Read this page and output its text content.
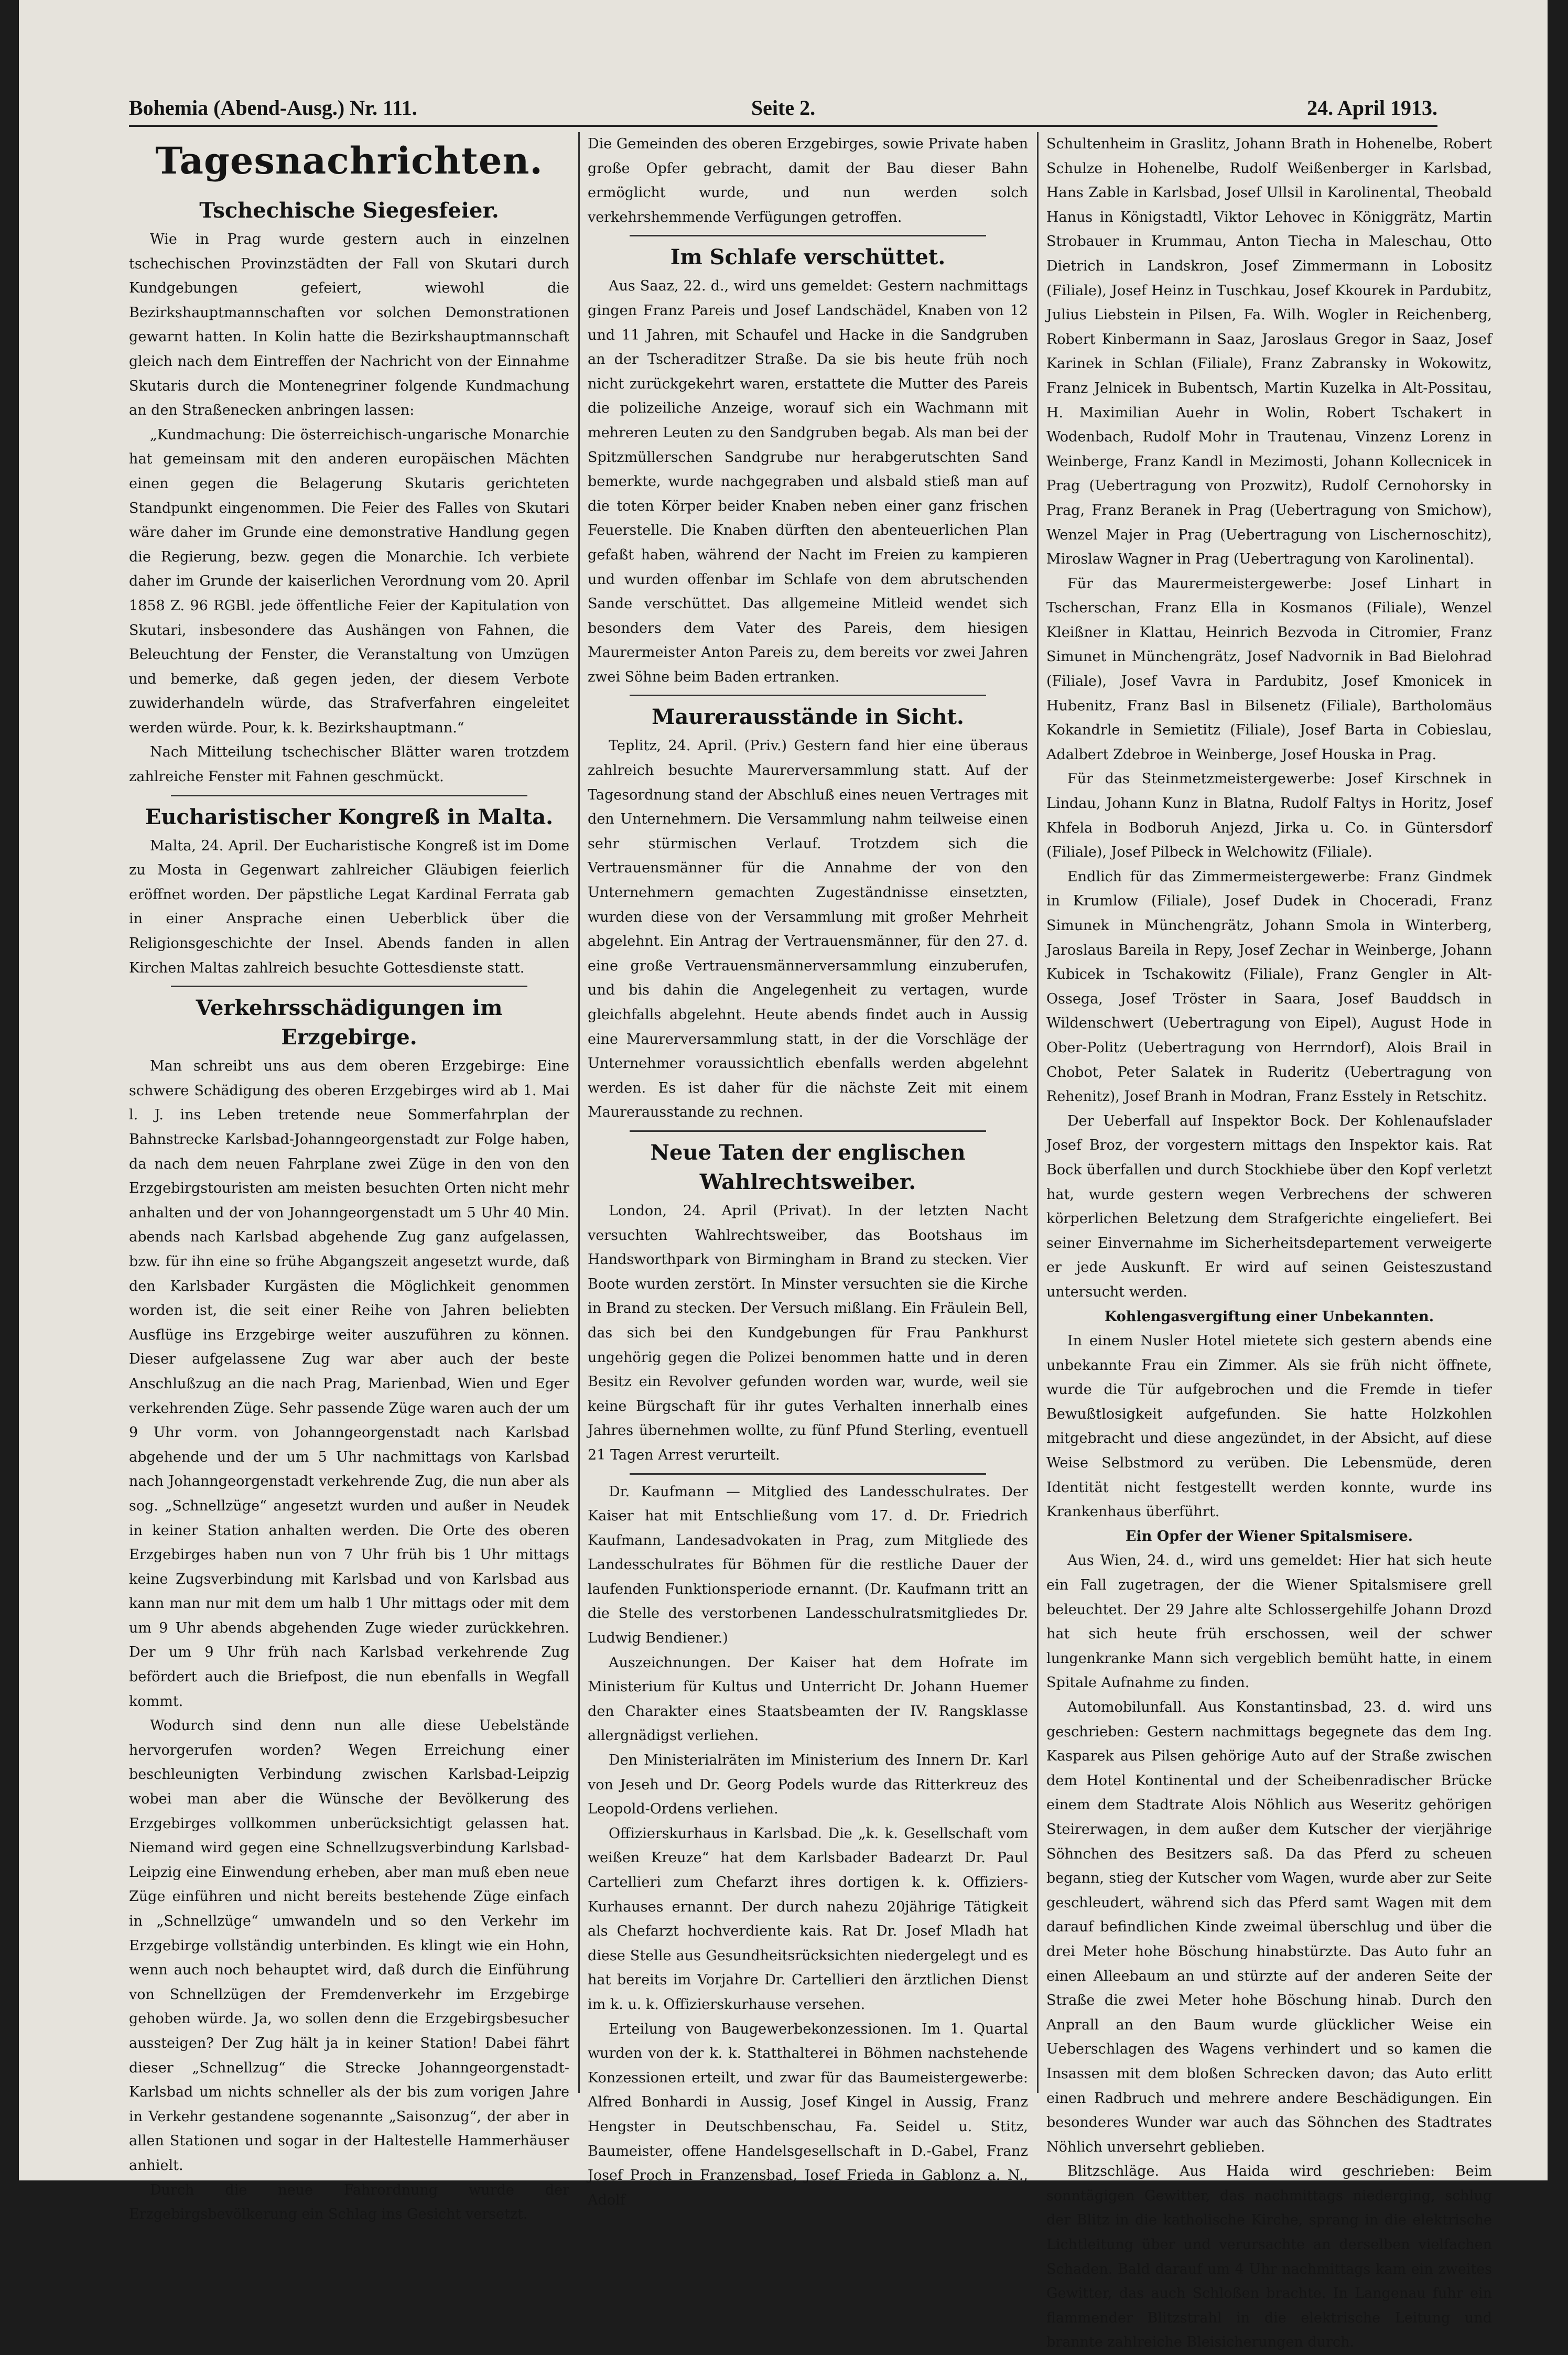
Bohemia (Abend-Ausg.) Nr. 111.	Seite 2.	24. April 1913.
Tagesnachrichten.
Tschechische Siegesfeier.

Wie in Prag wurde gestern auch in einzelnen tschechischen Provinzstädten der Fall von Skutari durch Kundgebungen gefeiert, wiewohl die Bezirkshauptmannschaften vor solchen Demonstrationen gewarnt hatten. In Kolin hatte die Bezirkshauptmannschaft gleich nach dem Eintreffen der Nachricht von der Einnahme Skutaris durch die Montenegriner folgende Kundmachung an den Straßenecken anbringen lassen:

„Kundmachung: Die österreichisch-ungarische Monarchie hat gemeinsam mit den anderen europäischen Mächten einen gegen die Belagerung Skutaris gerichteten Standpunkt eingenommen. Die Feier des Falles von Skutari wäre daher im Grunde eine demonstrative Handlung gegen die Regierung, bezw. gegen die Monarchie. Ich verbiete daher im Grunde der kaiserlichen Verordnung vom 20. April 1858 Z. 96 RGBl. jede öffentliche Feier der Kapitulation von Skutari, insbesondere das Aushängen von Fahnen, die Beleuchtung der Fenster, die Veranstaltung von Umzügen und bemerke, daß gegen jeden, der diesem Verbote zuwiderhandeln würde, das Strafverfahren eingeleitet werden würde. Pour, k. k. Bezirkshauptmann.“

Nach Mitteilung tschechischer Blätter waren trotzdem zahlreiche Fenster mit Fahnen geschmückt.

Eucharistischer Kongreß in Malta.

Malta, 24. April. Der Eucharistische Kongreß ist im Dome zu Mosta in Gegenwart zahlreicher Gläubigen feierlich eröffnet worden. Der päpstliche Legat Kardinal Ferrata gab in einer Ansprache einen Ueberblick über die Religionsgeschichte der Insel. Abends fanden in allen Kirchen Maltas zahlreich besuchte Gottesdienste statt.

Verkehrsschädigungen im Erzgebirge.

Man schreibt uns aus dem oberen Erzgebirge: Eine schwere Schädigung des oberen Erzgebirges wird ab 1. Mai l. J. ins Leben tretende neue Sommerfahrplan der Bahnstrecke Karlsbad-Johanngeorgenstadt zur Folge haben, da nach dem neuen Fahrplane zwei Züge in den von den Erzgebirgstouristen am meisten besuchten Orten nicht mehr anhalten und der von Johanngeorgenstadt um 5 Uhr 40 Min. abends nach Karlsbad abgehende Zug ganz aufgelassen, bzw. für ihn eine so frühe Abgangszeit angesetzt wurde, daß den Karlsbader Kurgästen die Möglichkeit genommen worden ist, die seit einer Reihe von Jahren beliebten Ausflüge ins Erzgebirge weiter auszuführen zu können. Dieser aufgelassene Zug war aber auch der beste Anschlußzug an die nach Prag, Marienbad, Wien und Eger verkehrenden Züge. Sehr passende Züge waren auch der um 9 Uhr vorm. von Johanngeorgenstadt nach Karlsbad abgehende und der um 5 Uhr nachmittags von Karlsbad nach Johanngeorgenstadt verkehrende Zug, die nun aber als sog. „Schnellzüge“ angesetzt wurden und außer in Neudek in keiner Station anhalten werden. Die Orte des oberen Erzgebirges haben nun von 7 Uhr früh bis 1 Uhr mittags keine Zugsverbindung mit Karlsbad und von Karlsbad aus kann man nur mit dem um halb 1 Uhr mittags oder mit dem um 9 Uhr abends abgehenden Zuge wieder zurückkehren. Der um 9 Uhr früh nach Karlsbad verkehrende Zug befördert auch die Briefpost, die nun ebenfalls in Wegfall kommt.

Wodurch sind denn nun alle diese Uebelstände hervorgerufen worden? Wegen Erreichung einer beschleunigten Verbindung zwischen Karlsbad-Leipzig wobei man aber die Wünsche der Bevölkerung des Erzgebirges vollkommen unberücksichtigt gelassen hat. Niemand wird gegen eine Schnellzugsverbindung Karlsbad-Leipzig eine Einwendung erheben, aber man muß eben neue Züge einführen und nicht bereits bestehende Züge einfach in „Schnellzüge“ umwandeln und so den Verkehr im Erzgebirge vollständig unterbinden. Es klingt wie ein Hohn, wenn auch noch behauptet wird, daß durch die Einführung von Schnellzügen der Fremdenverkehr im Erzgebirge gehoben würde. Ja, wo sollen denn die Erzgebirgsbesucher aussteigen? Der Zug hält ja in keiner Station! Dabei fährt dieser „Schnellzug“ die Strecke Johanngeorgenstadt-Karlsbad um nichts schneller als der bis zum vorigen Jahre in Verkehr gestandene sogenannte „Saisonzug“, der aber in allen Stationen und sogar in der Haltestelle Hammerhäuser anhielt.

Durch die neue Fahrordnung wurde der Erzgebirgsbevölkerung ein Schlag ins Gesicht versetzt.

Die Gemeinden des oberen Erzgebirges, sowie Private haben große Opfer gebracht, damit der Bau dieser Bahn ermöglicht wurde, und nun werden solch verkehrshemmende Verfügungen getroffen.

Im Schlafe verschüttet.

Aus Saaz, 22. d., wird uns gemeldet: Gestern nachmittags gingen Franz Pareis und Josef Landschädel, Knaben von 12 und 11 Jahren, mit Schaufel und Hacke in die Sandgruben an der Tscheraditzer Straße. Da sie bis heute früh noch nicht zurückgekehrt waren, erstattete die Mutter des Pareis die polizeiliche Anzeige, worauf sich ein Wachmann mit mehreren Leuten zu den Sandgruben begab. Als man bei der Spitzmüllerschen Sandgrube nur herabgerutschten Sand bemerkte, wurde nachgegraben und alsbald stieß man auf die toten Körper beider Knaben neben einer ganz frischen Feuerstelle. Die Knaben dürften den abenteuerlichen Plan gefaßt haben, während der Nacht im Freien zu kampieren und wurden offenbar im Schlafe von dem abrutschenden Sande verschüttet. Das allgemeine Mitleid wendet sich besonders dem Vater des Pareis, dem hiesigen Maurermeister Anton Pareis zu, dem bereits vor zwei Jahren zwei Söhne beim Baden ertranken.

Maurerausstände in Sicht.

Teplitz, 24. April. (Priv.) Gestern fand hier eine überaus zahlreich besuchte Maurerversammlung statt. Auf der Tagesordnung stand der Abschluß eines neuen Vertrages mit den Unternehmern. Die Versammlung nahm teilweise einen sehr stürmischen Verlauf. Trotzdem sich die Vertrauensmänner für die Annahme der von den Unternehmern gemachten Zugeständnisse einsetzten, wurden diese von der Versammlung mit großer Mehrheit abgelehnt. Ein Antrag der Vertrauensmänner, für den 27. d. eine große Vertrauensmännerversammlung einzuberufen, und bis dahin die Angelegenheit zu vertagen, wurde gleichfalls abgelehnt. Heute abends findet auch in Aussig eine Maurerversammlung statt, in der die Vorschläge der Unternehmer voraussichtlich ebenfalls werden abgelehnt werden. Es ist daher für die nächste Zeit mit einem Maurerausstande zu rechnen.

Neue Taten der englischen Wahlrechtsweiber.

London, 24. April (Privat). In der letzten Nacht versuchten Wahlrechtsweiber, das Bootshaus im Handsworthpark von Birmingham in Brand zu stecken. Vier Boote wurden zerstört. In Minster versuchten sie die Kirche in Brand zu stecken. Der Versuch mißlang. Ein Fräulein Bell, das sich bei den Kundgebungen für Frau Pankhurst ungehörig gegen die Polizei benommen hatte und in deren Besitz ein Revolver gefunden worden war, wurde, weil sie keine Bürgschaft für ihr gutes Verhalten innerhalb eines Jahres übernehmen wollte, zu fünf Pfund Sterling, eventuell 21 Tagen Arrest verurteilt.

Dr. Kaufmann — Mitglied des Landesschulrates. Der Kaiser hat mit Entschließung vom 17. d. Dr. Friedrich Kaufmann, Landesadvokaten in Prag, zum Mitgliede des Landesschulrates für Böhmen für die restliche Dauer der laufenden Funktionsperiode ernannt. (Dr. Kaufmann tritt an die Stelle des verstorbenen Landesschulratsmitgliedes Dr. Ludwig Bendiener.)

Auszeichnungen. Der Kaiser hat dem Hofrate im Ministerium für Kultus und Unterricht Dr. Johann Huemer den Charakter eines Staatsbeamten der IV. Rangsklasse allergnädigst verliehen.

Den Ministerialräten im Ministerium des Innern Dr. Karl von Jeseh und Dr. Georg Podels wurde das Ritterkreuz des Leopold-Ordens verliehen.

Offizierskurhaus in Karlsbad. Die „k. k. Gesellschaft vom weißen Kreuze“ hat dem Karlsbader Badearzt Dr. Paul Cartellieri zum Chefarzt ihres dortigen k. k. Offiziers-Kurhauses ernannt. Der durch nahezu 20jährige Tätigkeit als Chefarzt hochverdiente kais. Rat Dr. Josef Mladh hat diese Stelle aus Gesundheitsrücksichten niedergelegt und es hat bereits im Vorjahre Dr. Cartellieri den ärztlichen Dienst im k. u. k. Offizierskurhause versehen.

Erteilung von Baugewerbekonzessionen. Im 1. Quartal wurden von der k. k. Statthalterei in Böhmen nachstehende Konzessionen erteilt, und zwar für das Baumeistergewerbe: Alfred Bonhardi in Aussig, Josef Kingel in Aussig, Franz Hengster in Deutschbenschau, Fa. Seidel u. Stitz, Baumeister, offene Handelsgesellschaft in D.-Gabel, Franz Josef Proch in Franzensbad, Josef Frieda in Gablonz a. N., Adolf

Schultenheim in Graslitz, Johann Brath in Hohenelbe, Robert Schulze in Hohenelbe, Rudolf Weißenberger in Karlsbad, Hans Zable in Karlsbad, Josef Ullsil in Karolinental, Theobald Hanus in Königstadtl, Viktor Lehovec in Königgrätz, Martin Strobauer in Krummau, Anton Tiecha in Maleschau, Otto Dietrich in Landskron, Josef Zimmermann in Lobositz (Filiale), Josef Heinz in Tuschkau, Josef Kkourek in Pardubitz, Julius Liebstein in Pilsen, Fa. Wilh. Wogler in Reichenberg, Robert Kinbermann in Saaz, Jaroslaus Gregor in Saaz, Josef Karinek in Schlan (Filiale), Franz Zabransky in Wokowitz, Franz Jelnicek in Bubentsch, Martin Kuzelka in Alt-Possitau, H. Maximilian Auehr in Wolin, Robert Tschakert in Wodenbach, Rudolf Mohr in Trautenau, Vinzenz Lorenz in Weinberge, Franz Kandl in Mezimosti, Johann Kollecnicek in Prag (Uebertragung von Prozwitz), Rudolf Cernohorsky in Prag, Franz Beranek in Prag (Uebertragung von Smichow), Wenzel Majer in Prag (Uebertragung von Lischernoschitz), Miroslaw Wagner in Prag (Uebertragung von Karolinental).

Für das Maurermeistergewerbe: Josef Linhart in Tscherschan, Franz Ella in Kosmanos (Filiale), Wenzel Kleißner in Klattau, Heinrich Bezvoda in Citromier, Franz Simunet in Münchengrätz, Josef Nadvornik in Bad Bielohrad (Filiale), Josef Vavra in Pardubitz, Josef Kmonicek in Hubenitz, Franz Basl in Bilsenetz (Filiale), Bartholomäus Kokandrle in Semietitz (Filiale), Josef Barta in Cobieslau, Adalbert Zdebroe in Weinberge, Josef Houska in Prag.

Für das Steinmetzmeistergewerbe: Josef Kirschnek in Lindau, Johann Kunz in Blatna, Rudolf Faltys in Horitz, Josef Khfela in Bodboruh Anjezd, Jirka u. Co. in Güntersdorf (Filiale), Josef Pilbeck in Welchowitz (Filiale).

Endlich für das Zimmermeistergewerbe: Franz Gindmek in Krumlow (Filiale), Josef Dudek in Choceradi, Franz Simunek in Münchengrätz, Johann Smola in Winterberg, Jaroslaus Bareila in Repy, Josef Zechar in Weinberge, Johann Kubicek in Tschakowitz (Filiale), Franz Gengler in Alt-Ossega, Josef Tröster in Saara, Josef Bauddsch in Wildenschwert (Uebertragung von Eipel), August Hode in Ober-Politz (Uebertragung von Herrndorf), Alois Brail in Chobot, Peter Salatek in Ruderitz (Uebertragung von Rehenitz), Josef Branh in Modran, Franz Esstely in Retschitz.

Der Ueberfall auf Inspektor Bock. Der Kohlenaufslader Josef Broz, der vorgestern mittags den Inspektor kais. Rat Bock überfallen und durch Stockhiebe über den Kopf verletzt hat, wurde gestern wegen Verbrechens der schweren körperlichen Beletzung dem Strafgerichte eingeliefert. Bei seiner Einvernahme im Sicherheitsdepartement verweigerte er jede Auskunft. Er wird auf seinen Geisteszustand untersucht werden.

Kohlengasvergiftung einer Unbekannten.

In einem Nusler Hotel mietete sich gestern abends eine unbekannte Frau ein Zimmer. Als sie früh nicht öffnete, wurde die Tür aufgebrochen und die Fremde in tiefer Bewußtlosigkeit aufgefunden. Sie hatte Holzkohlen mitgebracht und diese angezündet, in der Absicht, auf diese Weise Selbstmord zu verüben. Die Lebensmüde, deren Identität nicht festgestellt werden konnte, wurde ins Krankenhaus überführt.

Ein Opfer der Wiener Spitalsmisere.

Aus Wien, 24. d., wird uns gemeldet: Hier hat sich heute ein Fall zugetragen, der die Wiener Spitalsmisere grell beleuchtet. Der 29 Jahre alte Schlossergehilfe Johann Drozd hat sich heute früh erschossen, weil der schwer lungenkranke Mann sich vergeblich bemüht hatte, in einem Spitale Aufnahme zu finden.

Automobilunfall. Aus Konstantinsbad, 23. d. wird uns geschrieben: Gestern nachmittags begegnete das dem Ing. Kasparek aus Pilsen gehörige Auto auf der Straße zwischen dem Hotel Kontinental und der Scheibenradischer Brücke einem dem Stadtrate Alois Nöhlich aus Weseritz gehörigen Steirerwagen, in dem außer dem Kutscher der vierjährige Söhnchen des Besitzers saß. Da das Pferd zu scheuen begann, stieg der Kutscher vom Wagen, wurde aber zur Seite geschleudert, während sich das Pferd samt Wagen mit dem darauf befindlichen Kinde zweimal überschlug und über die drei Meter hohe Böschung hinabstürzte. Das Auto fuhr an einen Alleebaum an und stürzte auf der anderen Seite der Straße die zwei Meter hohe Böschung hinab. Durch den Anprall an den Baum wurde glücklicher Weise ein Ueberschlagen des Wagens verhindert und so kamen die Insassen mit dem bloßen Schrecken davon; das Auto erlitt einen Radbruch und mehrere andere Beschädigungen. Ein besonderes Wunder war auch das Söhnchen des Stadtrates Nöhlich unversehrt geblieben.

Blitzschläge. Aus Haida wird geschrieben: Beim sonntägigen Gewitter, das nachmittags niederging, schlug der Blitz in die katholische Kirche, sprang in die elektrische Lichtleitung über und verursachte an derselben vielfachen Schaden. Bald darauf um 4 Uhr nachmittags kam ein zweites Gewitter, das auch Schloßen brachte. In Langenau fuhr ein flammender Blitzstrahl in die elektrische Leitung und brannte zahlreiche Bleisicherungen durch.
